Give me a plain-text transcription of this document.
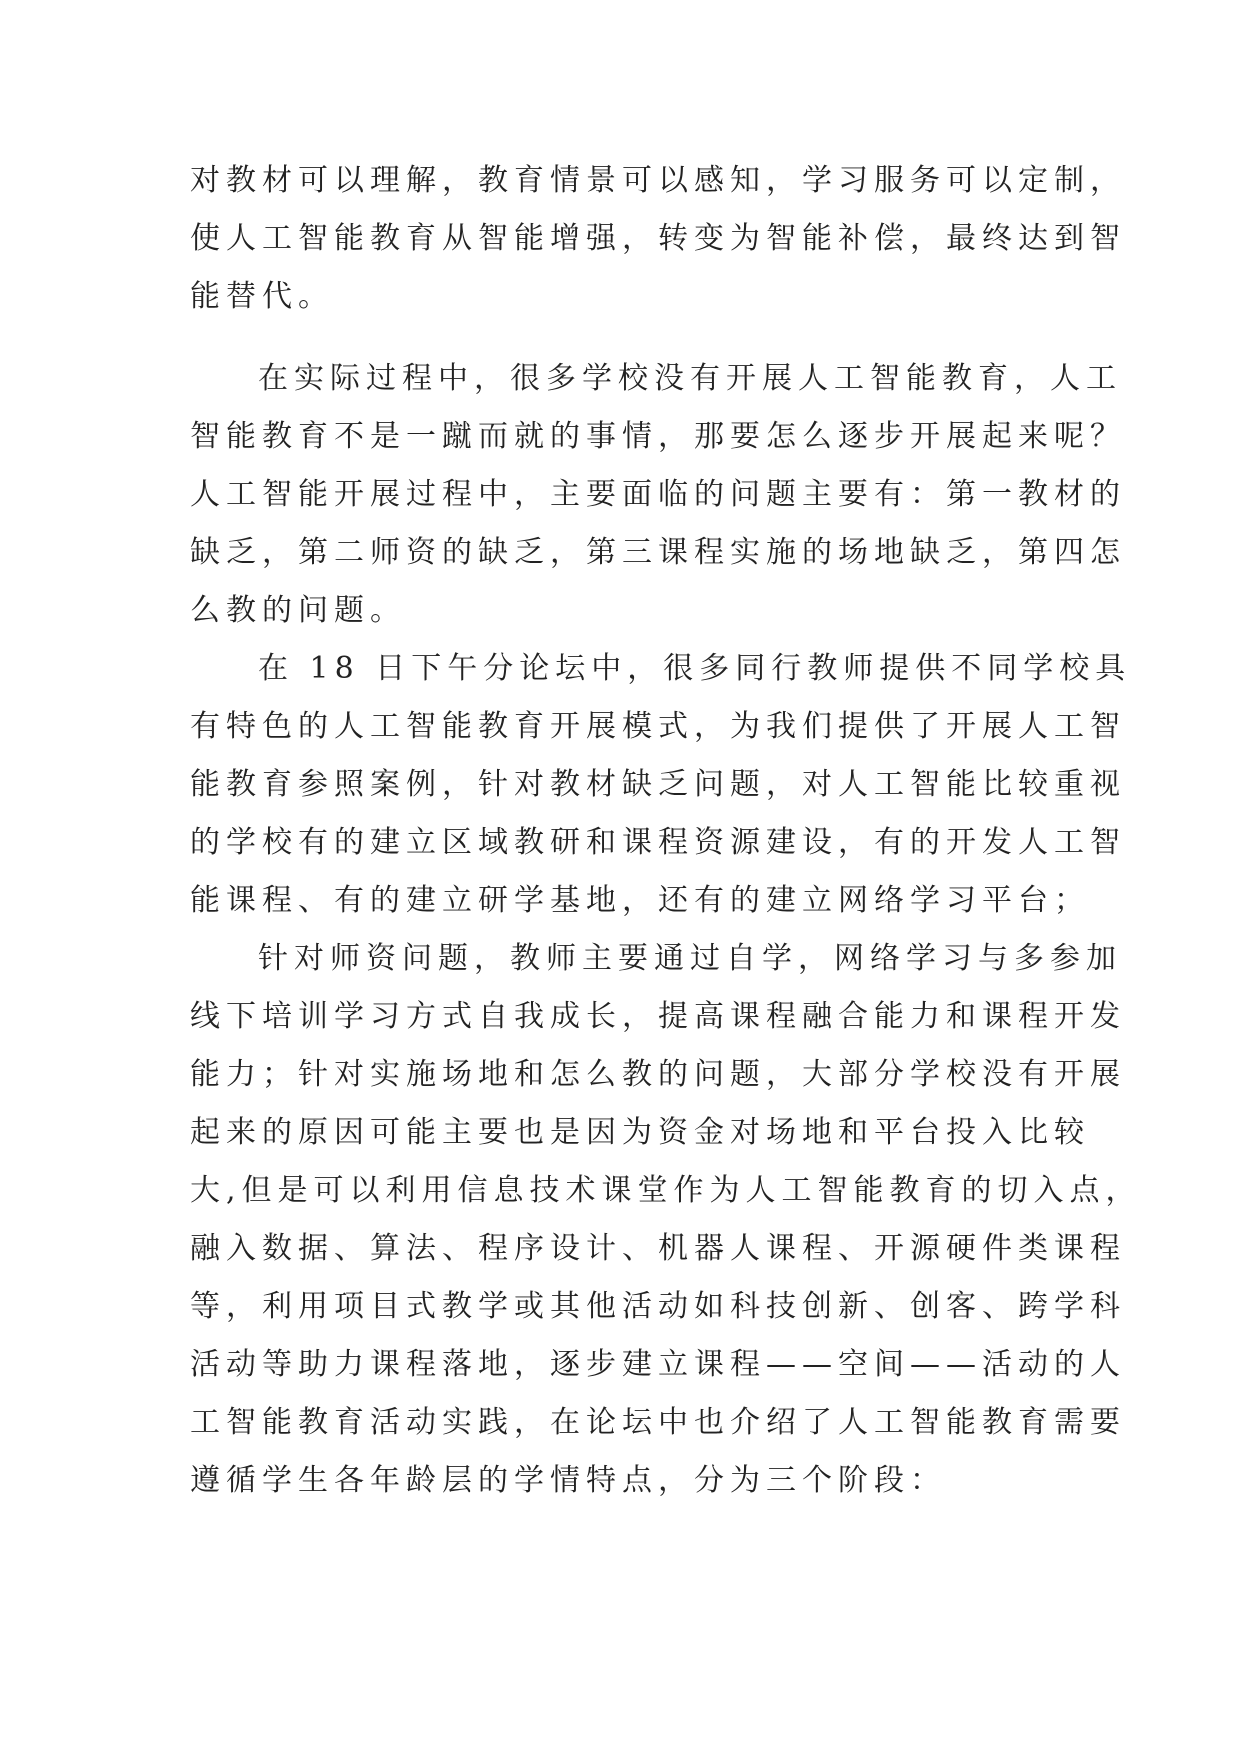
对教材可以理解，教育情景可以感知，学习服务可以定制，
使人工智能教育从智能增强，转变为智能补偿，最终达到智
能替代。
在实际过程中，很多学校没有开展人工智能教育，人工
智能教育不是一蹴而就的事情，那要怎么逐步开展起来呢？
人工智能开展过程中，主要面临的问题主要有：第一教材的
缺乏，第二师资的缺乏，第三课程实施的场地缺乏，第四怎
么教的问题。
在 18 日下午分论坛中，很多同行教师提供不同学校具
有特色的人工智能教育开展模式，为我们提供了开展人工智
能教育参照案例，针对教材缺乏问题，对人工智能比较重视
的学校有的建立区域教研和课程资源建设，有的开发人工智
能课程、有的建立研学基地，还有的建立网络学习平台；
针对师资问题，教师主要通过自学，网络学习与多参加
线下培训学习方式自我成长，提高课程融合能力和课程开发
能力；针对实施场地和怎么教的问题，大部分学校没有开展
起来的原因可能主要也是因为资金对场地和平台投入比较
大,但是可以利用信息技术课堂作为人工智能教育的切入点，
融入数据、算法、程序设计、机器人课程、开源硬件类课程
等，利用项目式教学或其他活动如科技创新、创客、跨学科
活动等助力课程落地，逐步建立课程——空间——活动的人
工智能教育活动实践，在论坛中也介绍了人工智能教育需要
遵循学生各年龄层的学情特点，分为三个阶段：
